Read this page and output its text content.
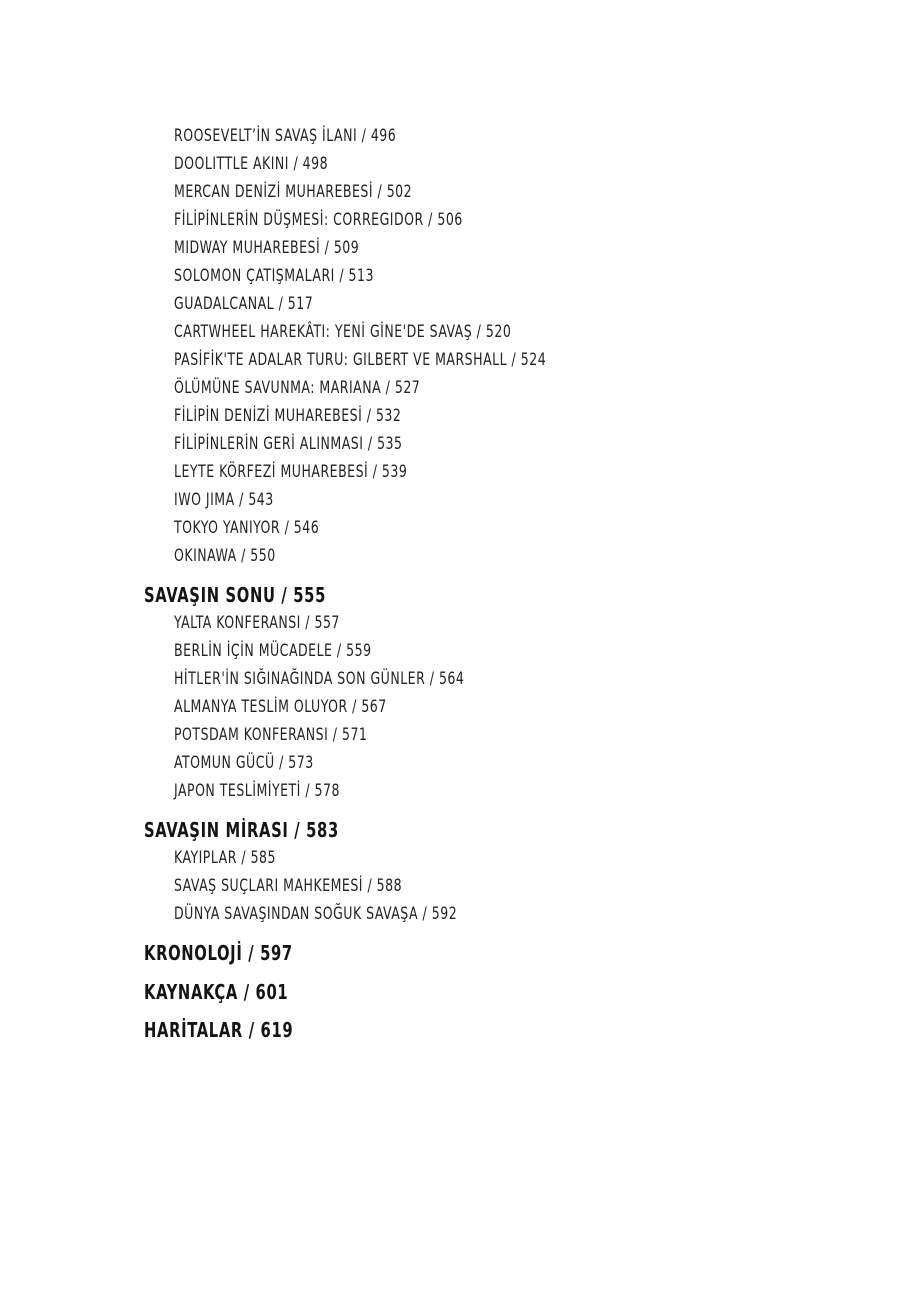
ROOSEVELT’İN SAVAŞ İLANI / 496
DOOLITTLE AKINI / 498
MERCAN DENİZİ MUHAREBESİ / 502
FİLİPİNLERİN DÜŞMESİ: CORREGIDOR / 506
MIDWAY MUHAREBESİ / 509
SOLOMON ÇATIŞMALARI / 513
GUADALCANAL / 517
CARTWHEEL HAREKÂTI: YENİ GİNE'DE SAVAŞ / 520
PASİFİK'TE ADALAR TURU: GILBERT VE MARSHALL / 524
ÖLÜMÜNE SAVUNMA: MARIANA / 527
FİLİPİN DENİZİ MUHAREBESİ / 532
FİLİPİNLERİN GERİ ALINMASI / 535
LEYTE KÖRFEZİ MUHAREBESİ / 539
IWO JIMA / 543
TOKYO YANIYOR / 546
OKINAWA / 550
SAVAŞIN SONU / 555
YALTA KONFERANSI / 557
BERLİN İÇİN MÜCADELE / 559
HİTLER'İN SIĞINAĞINDA SON GÜNLER / 564
ALMANYA TESLİM OLUYOR / 567
POTSDAM KONFERANSI / 571
ATOMUN GÜCÜ / 573
JAPON TESLİMİYETİ / 578
SAVAŞIN MİRASI / 583
KAYIPLAR / 585
SAVAŞ SUÇLARI MAHKEMESİ / 588
DÜNYA SAVAŞINDAN SOĞUK SAVAŞA / 592
KRONOLOJİ / 597
KAYNAKÇA / 601
HARİTALAR / 619
